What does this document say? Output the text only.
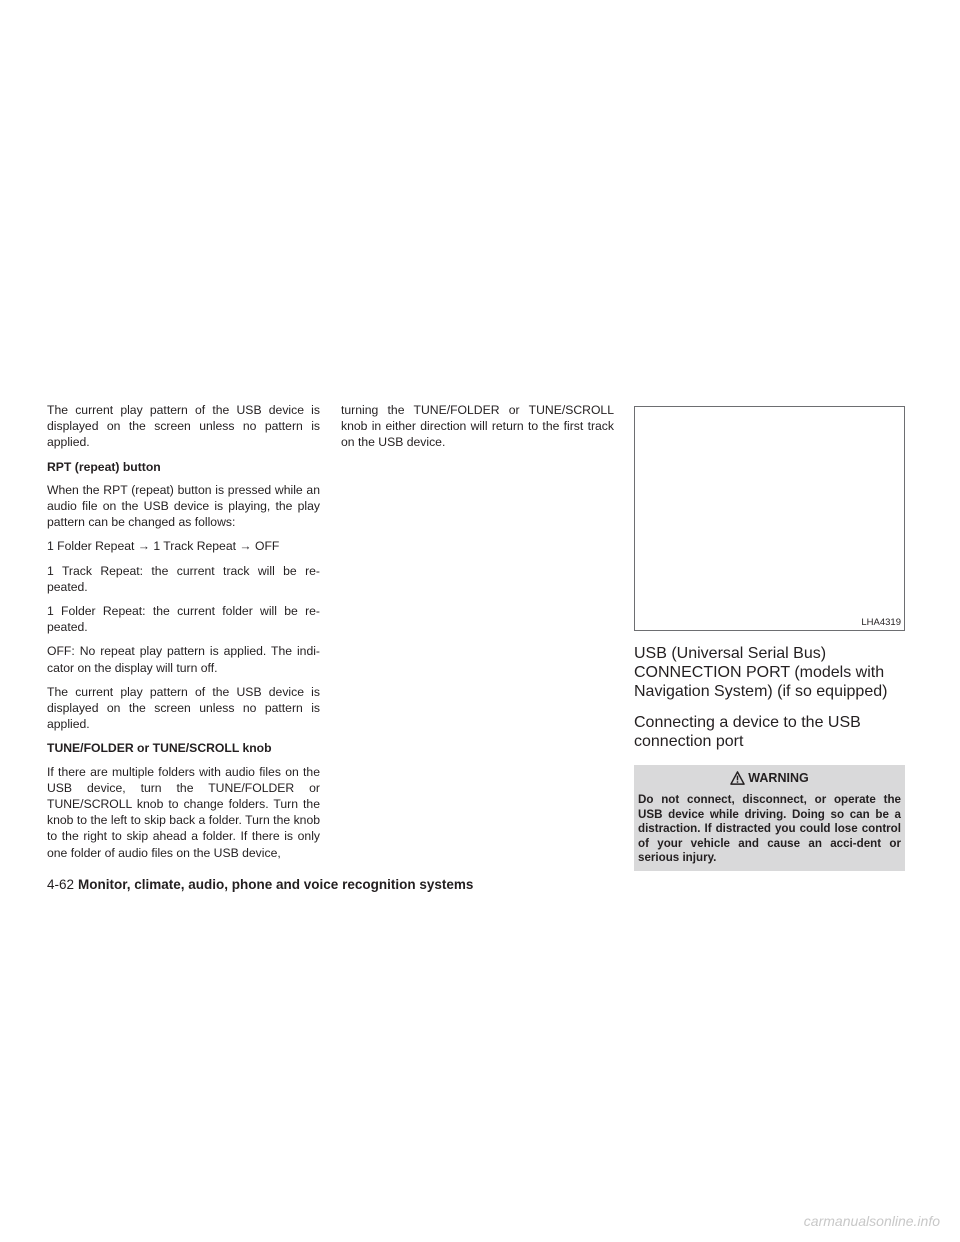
The current play pattern of the USB device is displayed on the screen unless no pattern is applied.

RPT (repeat) button

When the RPT (repeat) button is pressed while an audio file on the USB device is playing, the play pattern can be changed as follows:

1 Folder Repeat → 1 Track Repeat → OFF

1 Track Repeat: the current track will be re-peated.

1 Folder Repeat: the current folder will be re-peated.

OFF: No repeat play pattern is applied. The indi-cator on the display will turn off.

The current play pattern of the USB device is displayed on the screen unless no pattern is applied.

TUNE/FOLDER or TUNE/SCROLL knob

If there are multiple folders with audio files on the USB device, turn the TUNE/FOLDER or TUNE/SCROLL knob to change folders. Turn the knob to the left to skip back a folder. Turn the knob to the right to skip ahead a folder. If there is only one folder of audio files on the USB device,

turning the TUNE/FOLDER or TUNE/SCROLL knob in either direction will return to the first track on the USB device.

LHA4319
USB (Universal Serial Bus) CONNECTION PORT (models with Navigation System) (if so equipped)
Connecting a device to the USB connection port
WARNING

Do not connect, disconnect, or operate the USB device while driving. Doing so can be a distraction. If distracted you could lose control of your vehicle and cause an acci-dent or serious injury.

4-62 Monitor, climate, audio, phone and voice recognition systems
carmanualsonline.info
